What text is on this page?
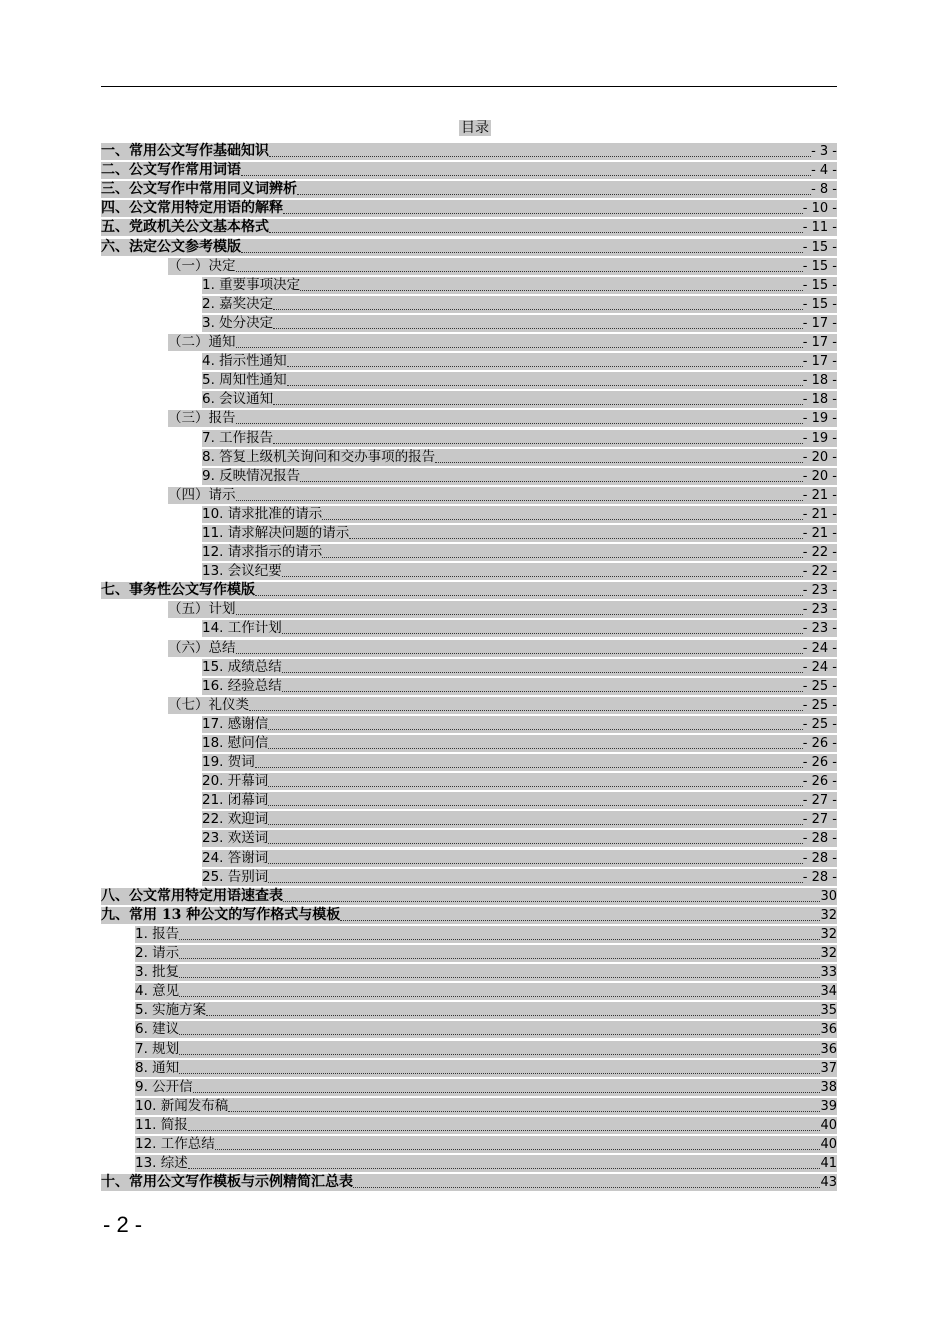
目录
一、常用公文写作基础知识	- 3 -
二、公文写作常用词语	- 4 -
三、公文写作中常用同义词辨析	- 8 -
四、公文常用特定用语的解释	- 10 -
五、党政机关公文基本格式	- 11 -
六、法定公文参考模版	- 15 -
（一）决定	- 15 -
1. 重要事项决定	- 15 -
2. 嘉奖决定	- 15 -
3. 处分决定	- 17 -
（二）通知	- 17 -
4. 指示性通知	- 17 -
5. 周知性通知	- 18 -
6. 会议通知	- 18 -
（三）报告	- 19 -
7. 工作报告	- 19 -
8. 答复上级机关询问和交办事项的报告	- 20 -
9. 反映情况报告	- 20 -
（四）请示	- 21 -
10. 请求批准的请示	- 21 -
11. 请求解决问题的请示	- 21 -
12. 请求指示的请示	- 22 -
13. 会议纪要	- 22 -
七、事务性公文写作模版	- 23 -
（五）计划	- 23 -
14. 工作计划	- 23 -
（六）总结	- 24 -
15. 成绩总结	- 24 -
16. 经验总结	- 25 -
（七）礼仪类	- 25 -
17. 感谢信	- 25 -
18. 慰问信	- 26 -
19. 贺词	- 26 -
20. 开幕词	- 26 -
21. 闭幕词	- 27 -
22. 欢迎词	- 27 -
23. 欢送词	- 28 -
24. 答谢词	- 28 -
25. 告别词	- 28 -
八、公文常用特定用语速查表	30
九、常用 13 种公文的写作格式与模板	32
1. 报告	32
2. 请示	32
3. 批复	33
4. 意见	34
5. 实施方案	35
6. 建议	36
7. 规划	36
8. 通知	37
9. 公开信	38
10. 新闻发布稿	39
11. 简报	40
12. 工作总结	40
13. 综述	41
十、常用公文写作模板与示例精简汇总表	43
- 2 -
